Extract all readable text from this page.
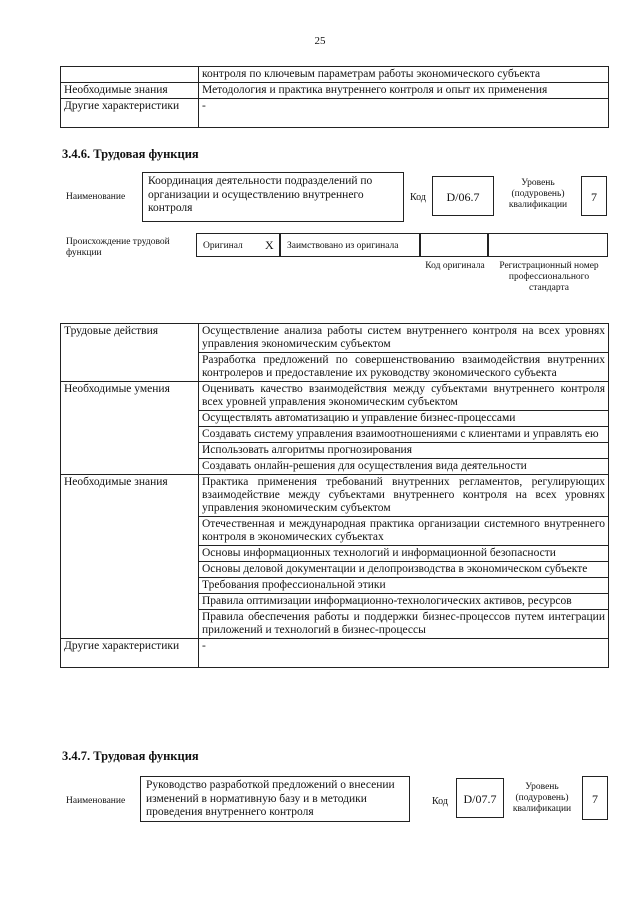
25
	контроля по ключевым параметрам работы экономического субъекта
Необходимые знания	Методология и практика внутреннего контроля и опыт их применения
Другие характеристики	-
3.4.6. Трудовая функция
Наименование
Координация деятельности подразделений по организации и осуществлению внутреннего контроля
Код	D/06.7
Уровень (подуровень) квалификации
7
Происхождение трудовой функции
Оригинал X Заимствовано из оригинала
Код оригинала	Регистрационный номер профессионального стандарта
Трудовые действия	Осуществление анализа работы систем внутреннего контроля на всех уровнях управления экономическим субъектом
	Разработка предложений по совершенствованию взаимодействия внутренних контролеров и предоставление их руководству экономического субъекта
Необходимые умения	Оценивать качество взаимодействия между субъектами внутреннего контроля всех уровней управления экономическим субъектом
	Осуществлять автоматизацию и управление бизнес-процессами
	Создавать систему управления взаимоотношениями с клиентами и управлять ею
	Использовать алгоритмы прогнозирования
	Создавать онлайн-решения для осуществления вида деятельности
Необходимые знания	Практика применения требований внутренних регламентов, регулирующих взаимодействие между субъектами внутреннего контроля на всех уровнях управления экономическим субъектом
	Отечественная и международная практика организации системного внутреннего контроля в экономических субъектах
	Основы информационных технологий и информационной безопасности
	Основы деловой документации и делопроизводства в экономическом субъекте
	Требования профессиональной этики
	Правила оптимизации информационно-технологических активов, ресурсов
	Правила обеспечения работы и поддержки бизнес-процессов путем интеграции приложений и технологий в бизнес-процессы
Другие характеристики	-
3.4.7. Трудовая функция
Наименование
Руководство разработкой предложений о внесении изменений в нормативную базу и в методики проведения внутреннего контроля
Код	D/07.7
Уровень (подуровень) квалификации
7
